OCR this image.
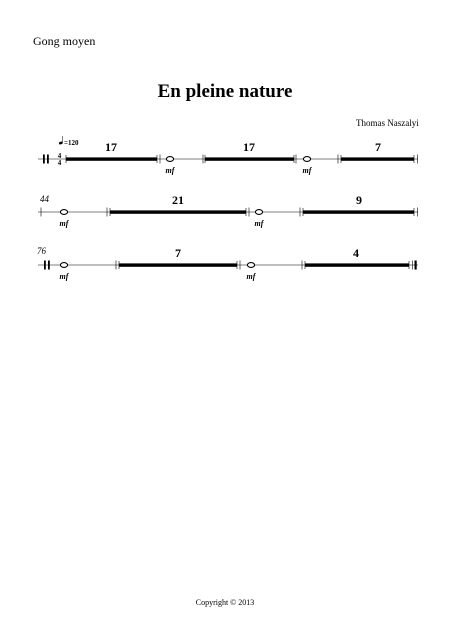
Gong moyen
En pleine nature
Thomas Naszalyi
4
4
=120 17
mf
17
mf
7
44
mf
21
mf
9
76
mf
7
mf
4
Copyright © 2013
